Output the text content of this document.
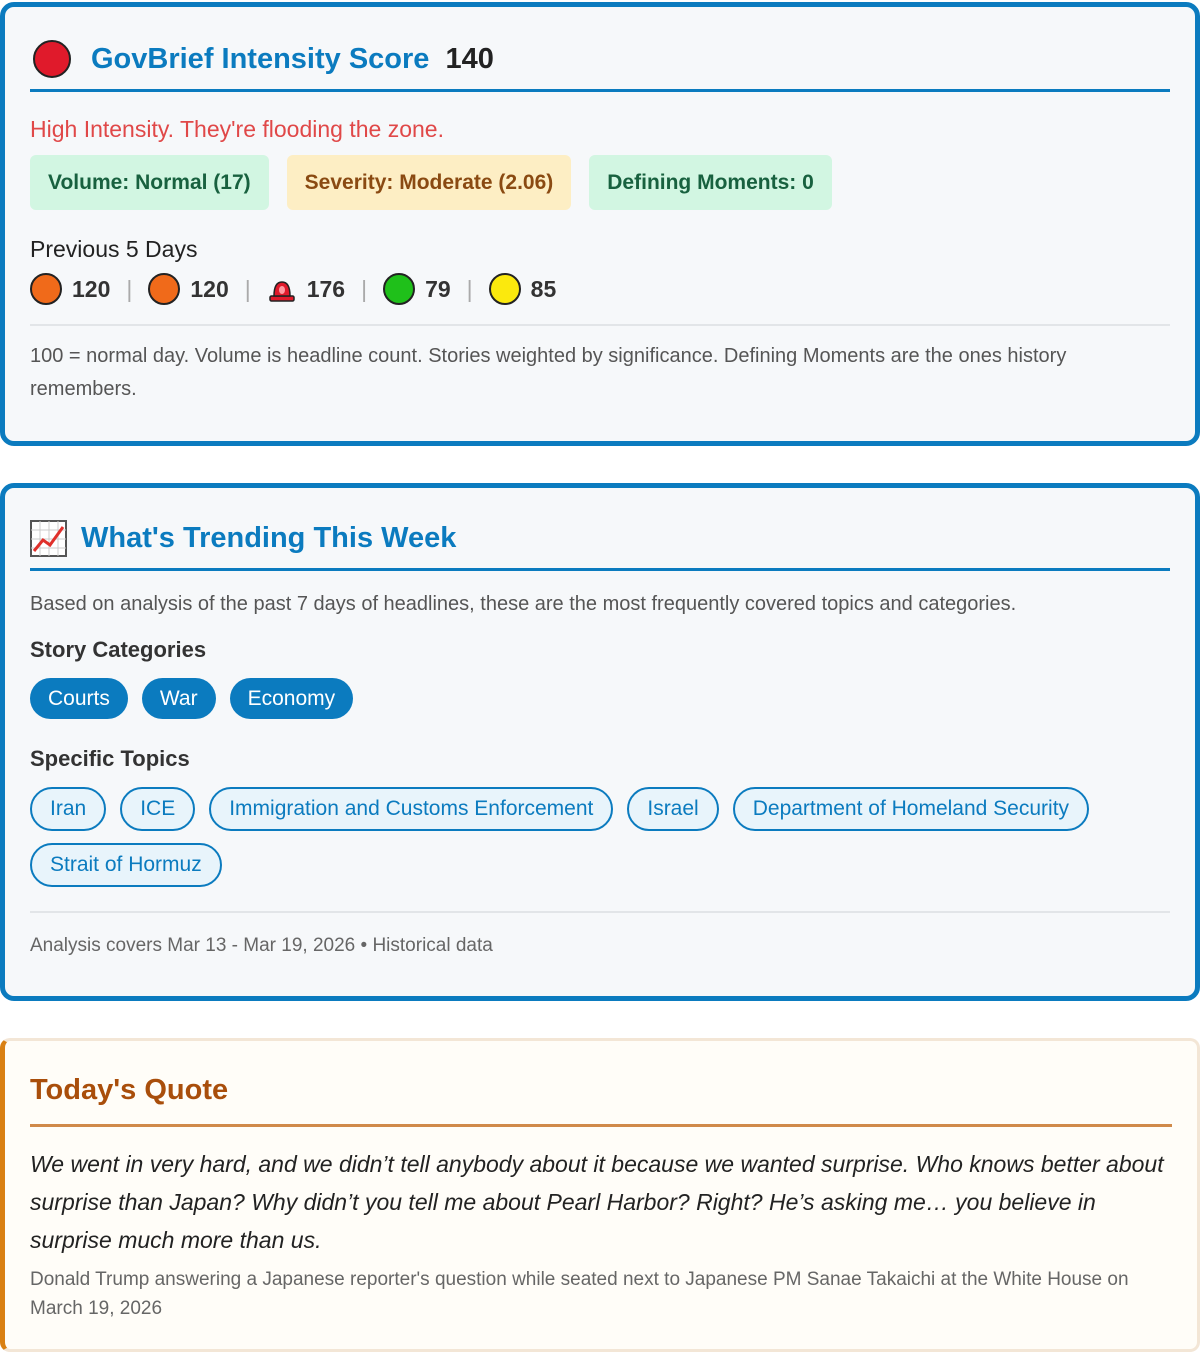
GovBrief Intensity Score 140
High Intensity. They're flooding the zone.
Volume: Normal (17)	Severity: Moderate (2.06)	Defining Moments: 0
Previous 5 Days
120 |	120 | 176 |	79 |	85
100 = normal day. Volume is headline count. Stories weighted by significance. Defining Moments are the ones history remembers.
What's Trending This Week
Based on analysis of the past 7 days of headlines, these are the most frequently covered topics and categories.
Story Categories
Courts	War	Economy
Specific Topics
Iran	ICE	Immigration and Customs Enforcement	Israel	Department of Homeland Security
Strait of Hormuz
Analysis covers Mar 13 - Mar 19, 2026 • Historical data
Today's Quote
We went in very hard, and we didn’t tell anybody about it because we wanted surprise. Who knows better about surprise than Japan? Why didn’t you tell me about Pearl Harbor? Right? He’s asking me… you believe in surprise much more than us.
Donald Trump answering a Japanese reporter's question while seated next to Japanese PM Sanae Takaichi at the White House on March 19, 2026
